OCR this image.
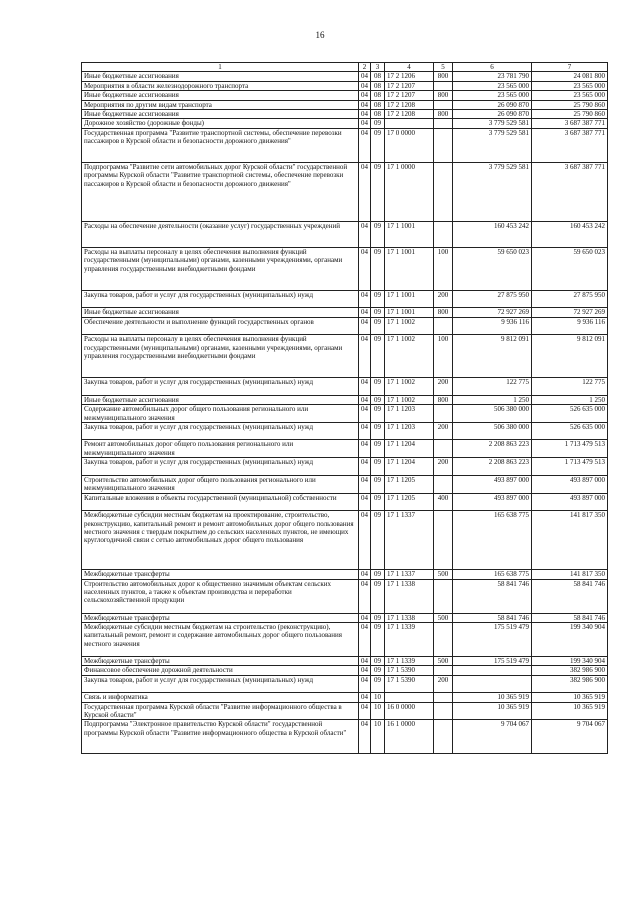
16
1	2	3	4	5	6	7
Иные бюджетные ассигнования	04	08	17 2 1206	800	23 781 790	24 081 800
Мероприятия в области железнодорожного транспорта	04	08	17 2 1207		23 565 000	23 565 000
Иные бюджетные ассигнования	04	08	17 2 1207	800	23 565 000	23 565 000
Мероприятия по другим видам транспорта	04	08	17 2 1208		26 090 870	25 790 860
Иные бюджетные ассигнования	04	08	17 2 1208	800	26 090 870	25 790 860
Дорожное хозяйство (дорожные фонды)	04	09			3 779 529 581	3 687 387 771
Государственная программа "Развитие транспортной системы, обеспечение перевозки пассажиров в Курской области и безопасности дорожного движения"	04	09	17 0 0000		3 779 529 581	3 687 387 771
Подпрограмма "Развитие сети автомобильных дорог Курской области" государственной программы Курской области "Развитие транспортной системы, обеспечение перевозки пассажиров в Курской области и безопасности дорожного движения"	04	09	17 1 0000		3 779 529 581	3 687 387 771
Расходы на обеспечение деятельности (оказание услуг) государственных учреждений	04	09	17 1 1001		160 453 242	160 453 242
Расходы на выплаты персоналу в целях обеспечения выполнения функций государственными (муниципальными) органами, казенными учреждениями, органами управления государственными внебюджетными фондами	04	09	17 1 1001	100	59 650 023	59 650 023
Закупка товаров, работ и услуг для государственных (муниципальных) нужд	04	09	17 1 1001	200	27 875 950	27 875 950
Иные бюджетные ассигнования	04	09	17 1 1001	800	72 927 269	72 927 269
Обеспечение деятельности и выполнение функций государственных органов	04	09	17 1 1002		9 936 116	9 936 116
Расходы на выплаты персоналу в целях обеспечения выполнения функций государственными (муниципальными) органами, казенными учреждениями, органами управления государственными внебюджетными фондами	04	09	17 1 1002	100	9 812 091	9 812 091
Закупка товаров, работ и услуг для государственных (муниципальных) нужд	04	09	17 1 1002	200	122 775	122 775
Иные бюджетные ассигнования	04	09	17 1 1002	800	1 250	1 250
Содержание автомобильных дорог общего пользования регионального или межмуниципального значения	04	09	17 1 1203		506 380 000	526 635 000
Закупка товаров, работ и услуг для государственных (муниципальных) нужд	04	09	17 1 1203	200	506 380 000	526 635 000
Ремонт автомобильных дорог общего пользования регионального или межмуниципального значения	04	09	17 1 1204		2 208 863 223	1 713 479 513
Закупка товаров, работ и услуг для государственных (муниципальных) нужд	04	09	17 1 1204	200	2 208 863 223	1 713 479 513
Строительство автомобильных дорог общего пользования регионального или межмуниципального значения	04	09	17 1 1205		493 897 000	493 897 000
Капитальные вложения в объекты государственной (муниципальной) собственности	04	09	17 1 1205	400	493 897 000	493 897 000
Межбюджетные субсидии местным бюджетам на проектирование, строительство, реконструкцию, капитальный ремонт и ремонт автомобильных дорог общего пользования местного значения с твердым покрытием до сельских населенных пунктов, не имеющих круглогодичной связи с сетью автомобильных дорог общего пользования	04	09	17 1 1337		165 638 775	141 817 350
Межбюджетные трансферты	04	09	17 1 1337	500	165 638 775	141 817 350
Строительство автомобильных дорог к общественно значимым объектам сельских населенных пунктов, а также к объектам производства и переработки сельскохозяйственной продукции	04	09	17 1 1338		58 841 746	58 841 746
Межбюджетные трансферты	04	09	17 1 1338	500	58 841 746	58 841 746
Межбюджетные субсидии местным бюджетам на строительство (реконструкцию), капитальный ремонт, ремонт и содержание автомобильных дорог общего пользования местного значения	04	09	17 1 1339		175 519 479	199 340 904
Межбюджетные трансферты	04	09	17 1 1339	500	175 519 479	199 340 904
Финансовое обеспечение дорожной деятельности	04	09	17 1 5390			382 986 900
Закупка товаров, работ и услуг для государственных (муниципальных) нужд	04	09	17 1 5390	200		382 986 900
Связь и информатика	04	10			10 365 919	10 365 919
Государственная программа Курской области "Развитие информационного общества в Курской области"	04	10	16 0 0000		10 365 919	10 365 919
Подпрограмма "Электронное правительство Курской области" государственной программы Курской области "Развитие информационного общества в Курской области"	04	10	16 1 0000		9 704 067	9 704 067
